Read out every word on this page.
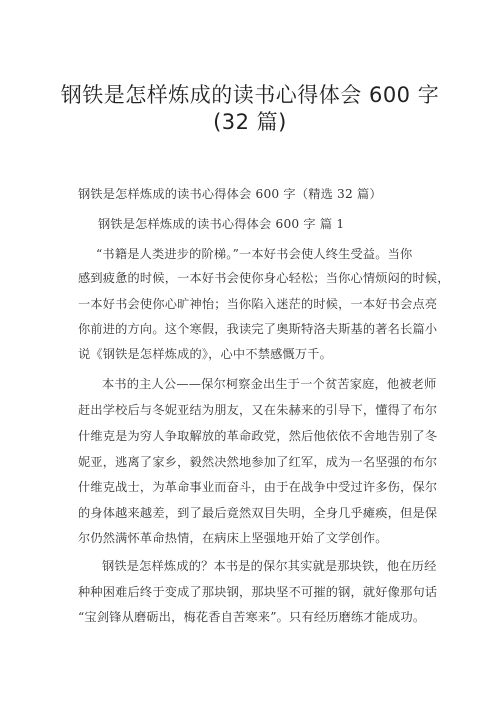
钢铁是怎样炼成的读书心得体会 600 字
(32 篇)
钢铁是怎样炼成的读书心得体会 600 字（精选 32 篇）
钢铁是怎样炼成的读书心得体会 600 字 篇 1
“书籍是人类进步的阶梯。”一本好书会使人终生受益。当你
感到疲惫的时候，一本好书会使你身心轻松；当你心情烦闷的时候，
一本好书会使你心旷神怡；当你陷入迷茫的时候，一本好书会点亮
你前进的方向。这个寒假，我读完了奥斯特洛夫斯基的著名长篇小
说《钢铁是怎样炼成的》，心中不禁感慨万千。
本书的主人公——保尔柯察金出生于一个贫苦家庭，他被老师
赶出学校后与冬妮亚结为朋友，又在朱赫来的引导下，懂得了布尔
什维克是为穷人争取解放的革命政党，然后他依依不舍地告别了冬
妮亚，逃离了家乡，毅然决然地参加了红军，成为一名坚强的布尔
什维克战士，为革命事业而奋斗，由于在战争中受过许多伤，保尔
的身体越来越差，到了最后竟然双目失明，全身几乎瘫痪，但是保
尔仍然满怀革命热情，在病床上坚强地开始了文学创作。
钢铁是怎样炼成的？本书是的保尔其实就是那块铁，他在历经
种种困难后终于变成了那块钢，那块坚不可摧的钢，就好像那句话
“宝剑锋从磨砺出，梅花香自苦寒来”。只有经历磨练才能成功。
